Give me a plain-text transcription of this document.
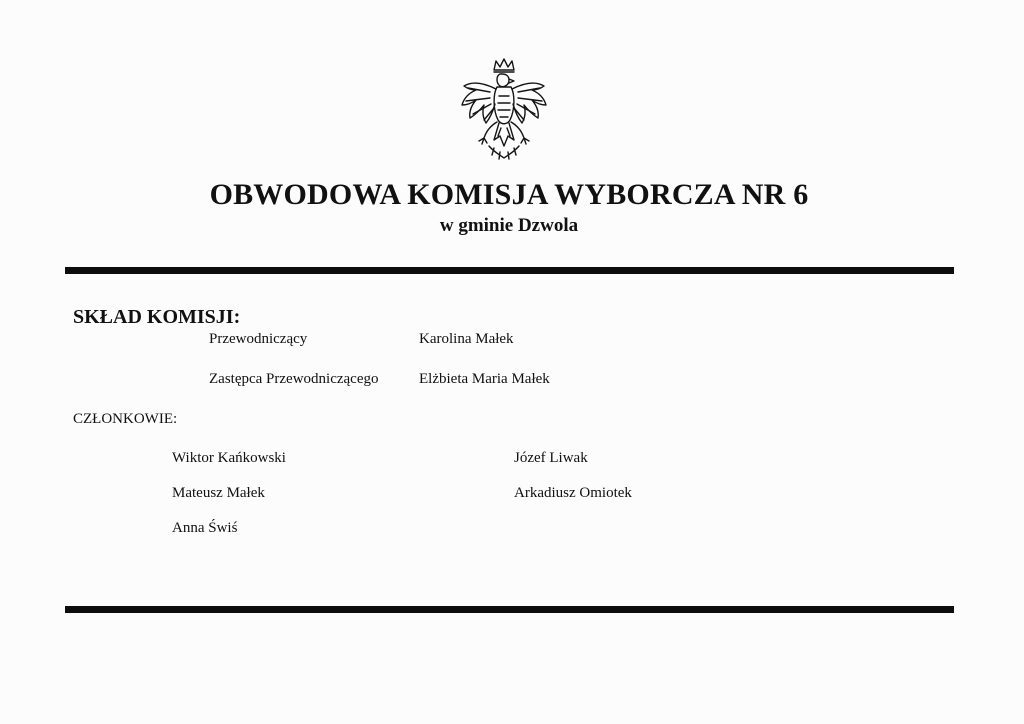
OBWODOWA KOMISJA WYBORCZA NR 6
w gminie Dzwola
SKŁAD KOMISJI:
Przewodniczący	Karolina Małek
Zastępca Przewodniczącego	Elżbieta Maria Małek
CZŁONKOWIE:
Wiktor Kańkowski
Mateusz Małek
Anna Świś
Józef Liwak
Arkadiusz Omiotek
